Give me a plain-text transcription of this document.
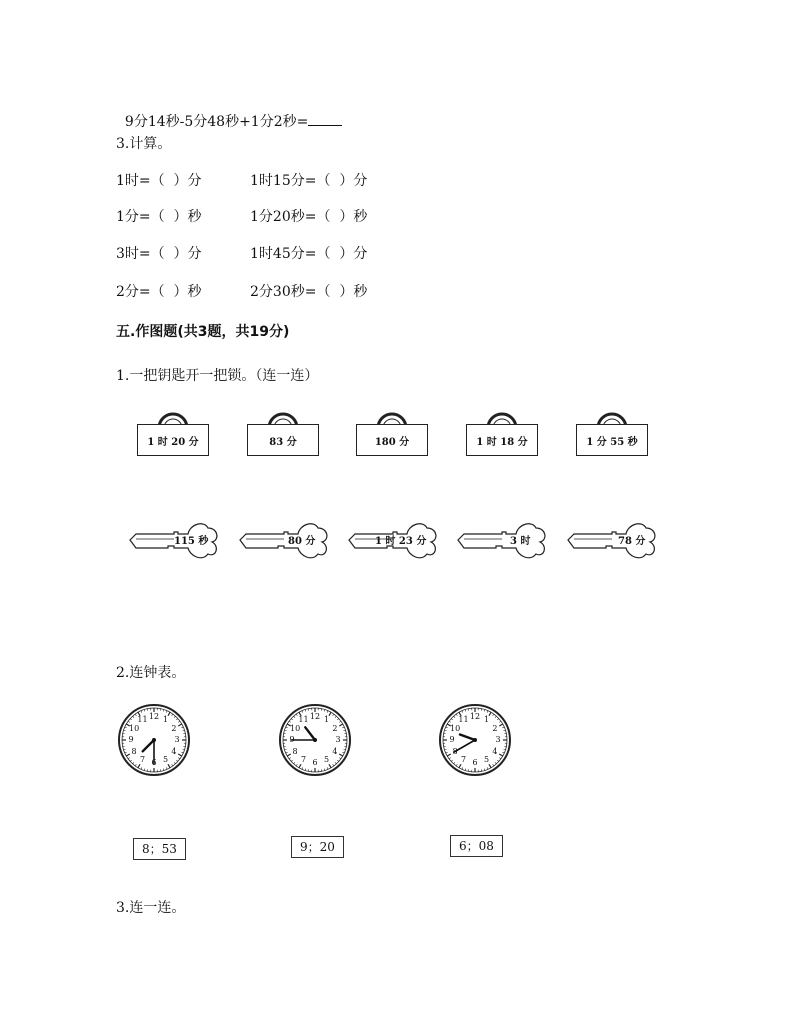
9分14秒-5分48秒+1分2秒=

3.计算。
1时=（  ）分	1时15分=（  ）分
1分=（  ）秒	1分20秒=（  ）秒
3时=（  ）分	1时45分=（  ）分
2分=（  ）秒	2分30秒=（  ）秒
五.作图题(共3题，共19分)
1.一把钥匙开一把锁。（连一连）
1 时 20 分	83 分	180 分	1 时 18 分	1 分 55 秒
115 秒	80 分	1 时 23 分	3 时	78 分
2.连钟表。
1
2
3
4
5
6
7
8
9
10
11 12	1
2
3
4
5
6
7
8
9
10
11 12	1
2
3
4
5
6
7
8
9
10
11 12
8；53	9；20	6；08
3.连一连。
